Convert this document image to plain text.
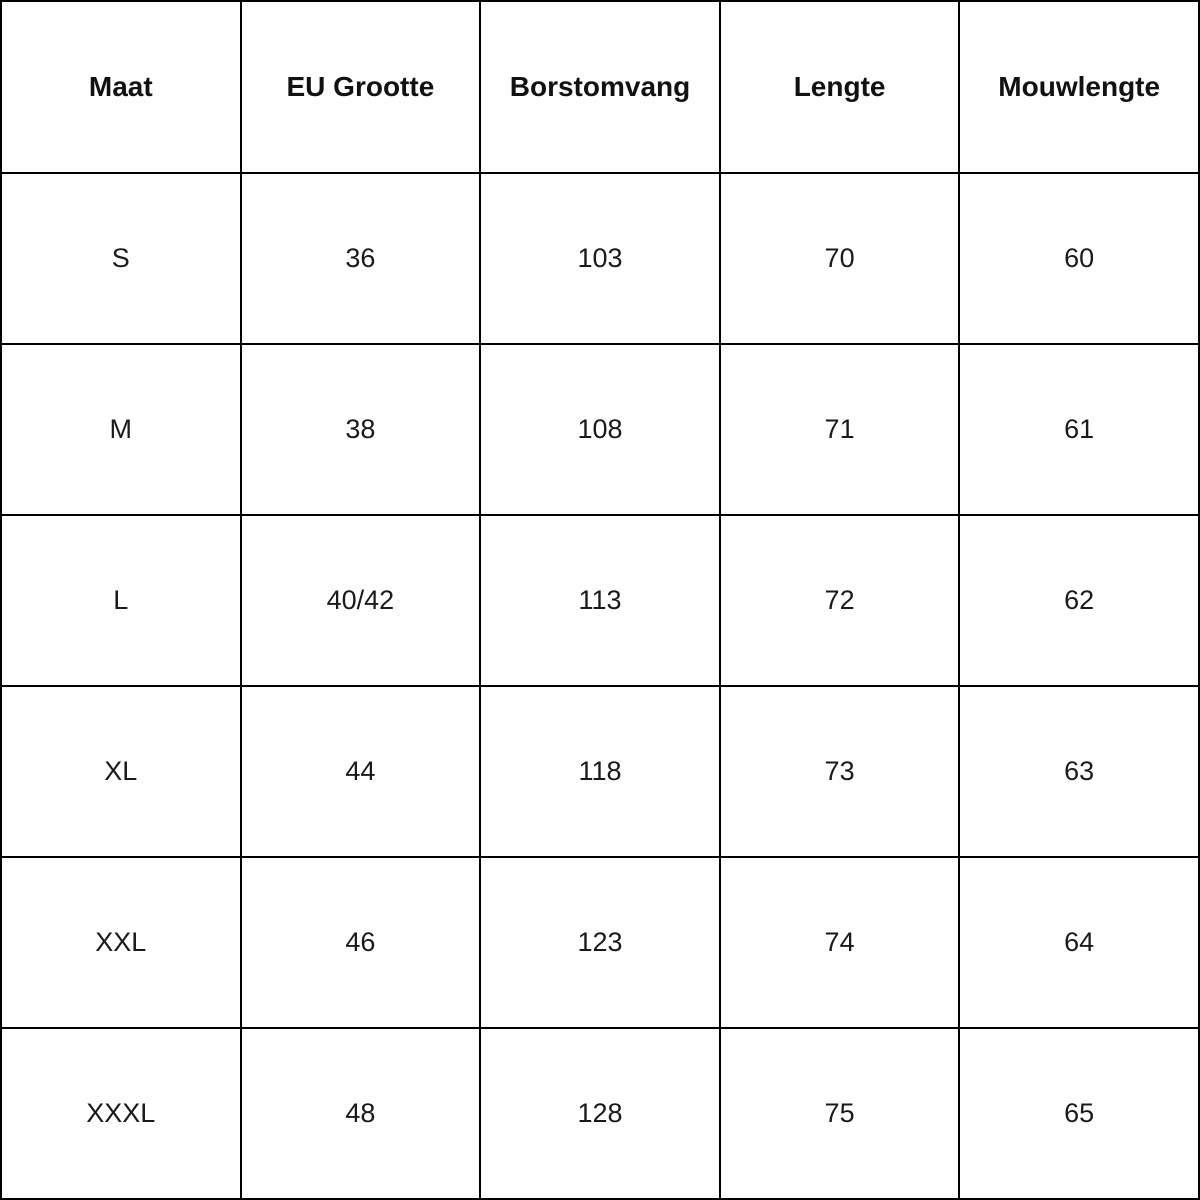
Maat	EU Grootte	Borstomvang	Lengte	Mouwlengte
S	36	103	70	60
M	38	108	71	61
L	40/42	113	72	62
XL	44	118	73	63
XXL	46	123	74	64
XXXL	48	128	75	65
